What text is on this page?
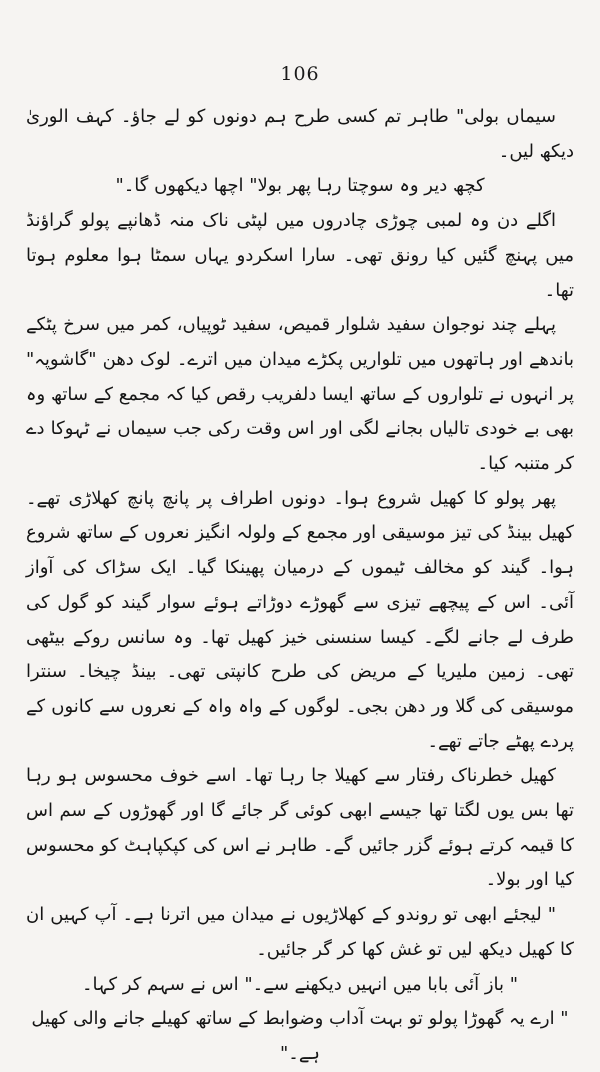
106

سیماں بولی" طاہر تم کسی طرح ہم دونوں کو لے جاؤ۔ کہف الوریٰ دیکھ لیں۔

کچھ دیر وہ سوچتا رہا پھر بولا" اچھا دیکھوں گا۔"

اگلے دن وہ لمبی چوڑی چادروں میں لپٹی ناک منہ ڈھانپے پولو گراؤنڈ میں پہنچ گئیں کیا رونق تھی۔ سارا اسکردو یہاں سمٹا ہوا معلوم ہوتا تھا۔

پہلے چند نوجوان سفید شلوار قمیص، سفید ٹوپیاں، کمر میں سرخ پٹکے باندھے اور ہاتھوں میں تلواریں پکڑے میدان میں اترے۔ لوک دھن "گاشوپہ" پر انہوں نے تلواروں کے ساتھ ایسا دلفریب رقص کیا کہ مجمع کے ساتھ وہ بھی بے خودی تالیاں بجانے لگی اور اس وقت رکی جب سیماں نے ٹہوکا دے کر متنبہ کیا۔

پھر پولو کا کھیل شروع ہوا۔ دونوں اطراف پر پانچ پانچ کھلاڑی تھے۔ کھیل بینڈ کی تیز موسیقی اور مجمع کے ولولہ انگیز نعروں کے ساتھ شروع ہوا۔ گیند کو مخالف ٹیموں کے درمیان پھینکا گیا۔ ایک سڑاک کی آواز آئی۔ اس کے پیچھے تیزی سے گھوڑے دوڑاتے ہوئے سوار گیند کو گول کی طرف لے جانے لگے۔ کیسا سنسنی خیز کھیل تھا۔ وہ سانس روکے بیٹھی تھی۔ زمین ملیریا کے مریض کی طرح کانپتی تھی۔ بینڈ چیخا۔ سنترا موسیقی کی گلا ور دھن بجی۔ لوگوں کے واہ واہ کے نعروں سے کانوں کے پردے پھٹے جاتے تھے۔

کھیل خطرناک رفتار سے کھیلا جا رہا تھا۔ اسے خوف محسوس ہو رہا تھا بس یوں لگتا تھا جیسے ابھی کوئی گر جائے گا اور گھوڑوں کے سم اس کا قیمہ کرتے ہوئے گزر جائیں گے۔ طاہر نے اس کی کپکپاہٹ کو محسوس کیا اور بولا۔

" لیجئے ابھی تو روندو کے کھلاڑیوں نے میدان میں اترنا ہے۔ آپ کہیں ان کا کھیل دیکھ لیں تو غش کھا کر گر جائیں۔

" باز آئی بابا میں انہیں دیکھنے سے۔" اس نے سہم کر کہا۔

" ارے یہ گھوڑا پولو تو بہت آداب وضوابط کے ساتھ کھیلے جانے والی کھیل ہے۔"
